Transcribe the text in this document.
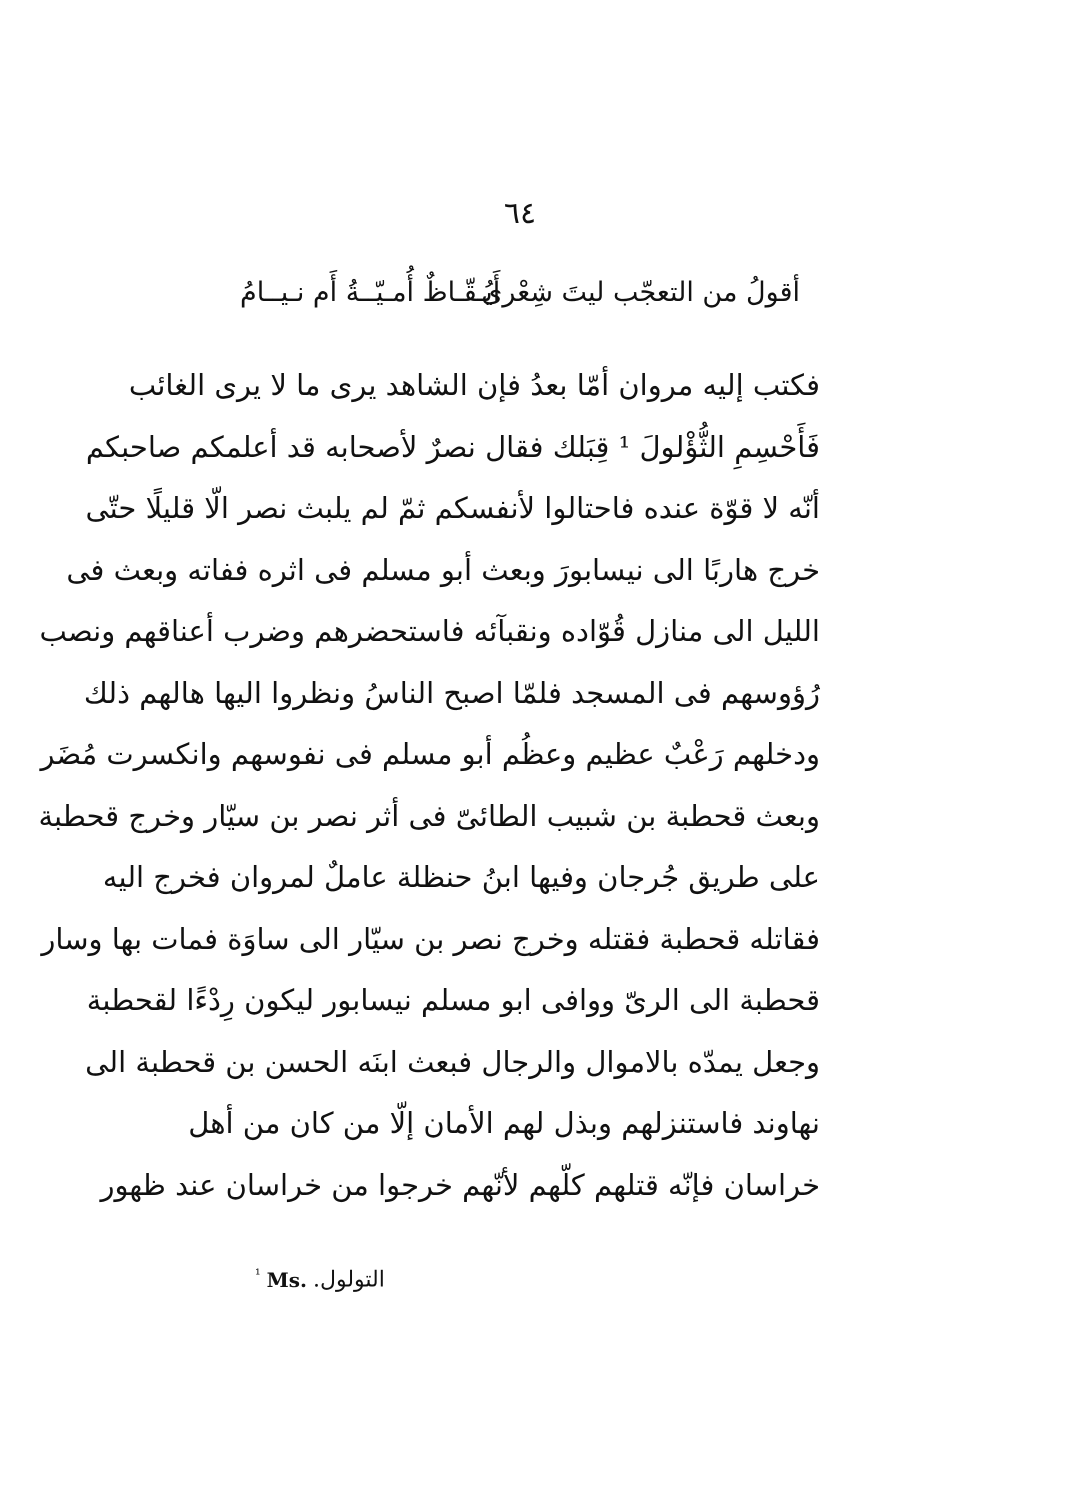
٦٤
أقولُ من التعجّب ليتَ شِعْرى
أَيُـقّـاظٌ أُمـيّــةُ أَم نـيــامُ
فكتب إليه مروان أمّا بعدُ فإن الشاهد يرى ما لا يرى الغائب
فَأَحْسِمِ الثُّؤْلولَ ¹ قِبَلك فقال نصرٌ لأصحابه قد أعلمكم صاحبكم
أنّه لا قوّة عنده فاحتالوا لأنفسكم ثمّ لم يلبث نصر الّا قليلًا حتّى
خرج هاربًا الى نيسابورَ وبعث أبو مسلم فى اثره ففاته وبعث فى
الليل الى منازل قُوّاده ونقبآئه فاستحضرهم وضرب أعناقهم ونصب
رُؤوسهم فى المسجد فلمّا اصبح الناسُ ونظروا اليها هالهم ذلك
ودخلهم رَعْبٌ عظيم وعظُم أبو مسلم فى نفوسهم وانكسرت مُضَر
وبعث قحطبة بن شبيب الطائىّ فى أثر نصر بن سيّار وخرج قحطبة
على طريق جُرجان وفيها ابنُ حنظلة عاملٌ لمروان فخرج اليه
فقاتله قحطبة فقتله وخرج نصر بن سيّار الى ساوَة فمات بها وسار
قحطبة الى الرىّ ووافى ابو مسلم نيسابور ليكون رِدْءًا لقحطبة
وجعل يمدّه بالاموال والرجال فبعث ابنَه الحسن بن قحطبة الى
نهاوند فاستنزلهم وبذل لهم الأمان إلّا من كان من أهل
خراسان فإنّه قتلهم كلّهم لأنّهم خرجوا من خراسان عند ظهور
$^{^1}$ Ms. التولول.
